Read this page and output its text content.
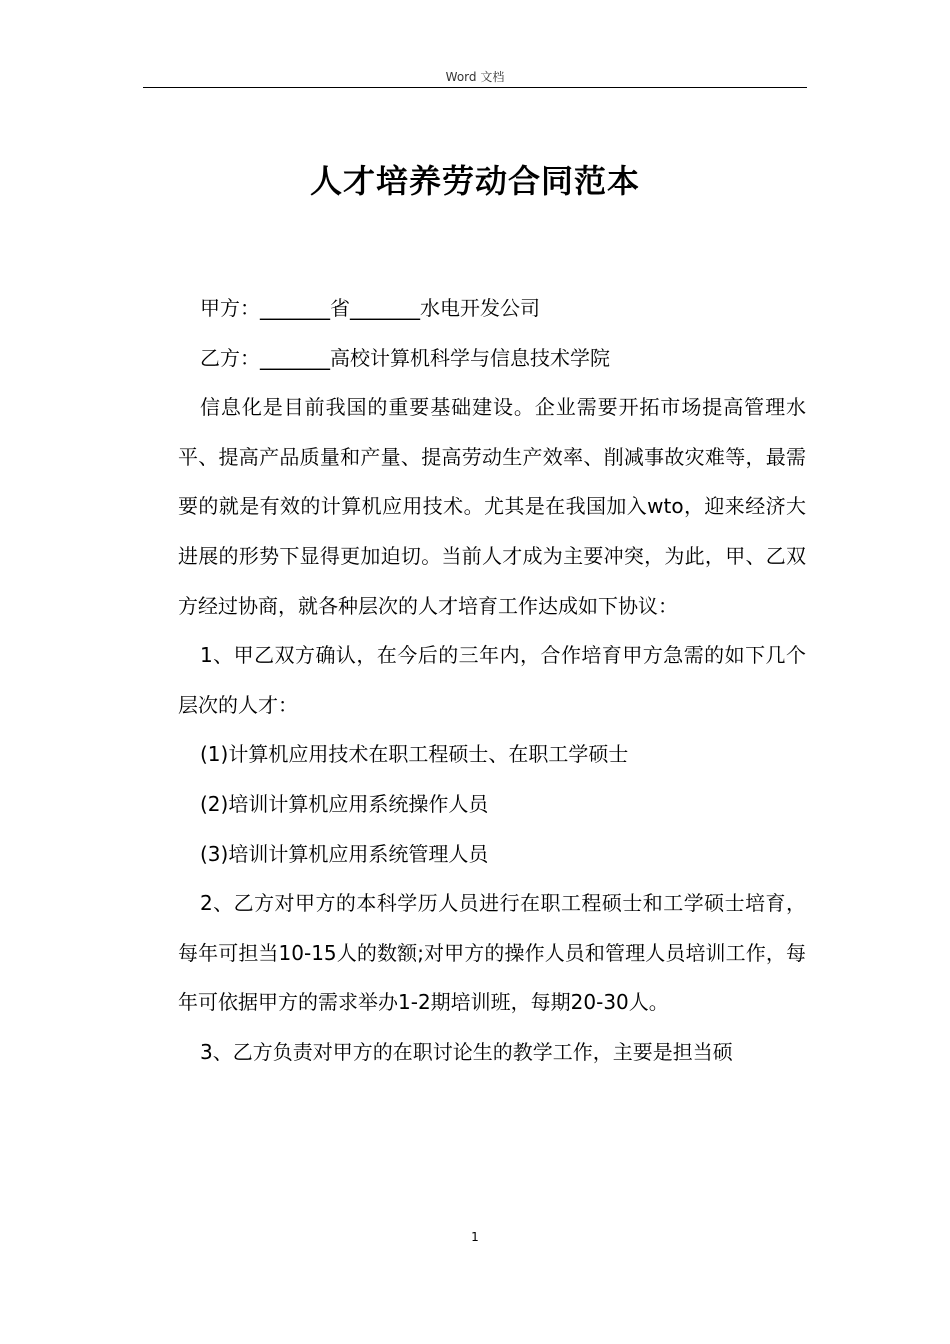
Word 文档
人才培养劳动合同范本

甲方：_______省_______水电开发公司

乙方：_______高校计算机科学与信息技术学院

信息化是目前我国的重要基础建设。企业需要开拓市场提高管理水平、提高产品质量和产量、提高劳动生产效率、削减事故灾难等，最需要的就是有效的计算机应用技术。尤其是在我国加入wto，迎来经济大进展的形势下显得更加迫切。当前人才成为主要冲突，为此，甲、乙双方经过协商，就各种层次的人才培育工作达成如下协议：

1、甲乙双方确认，在今后的三年内，合作培育甲方急需的如下几个层次的人才：

(1)计算机应用技术在职工程硕士、在职工学硕士

(2)培训计算机应用系统操作人员

(3)培训计算机应用系统管理人员

2、乙方对甲方的本科学历人员进行在职工程硕士和工学硕士培育，每年可担当10-15人的数额;对甲方的操作人员和管理人员培训工作，每年可依据甲方的需求举办1-2期培训班，每期20-30人。

3、乙方负责对甲方的在职讨论生的教学工作，主要是担当硕

1
